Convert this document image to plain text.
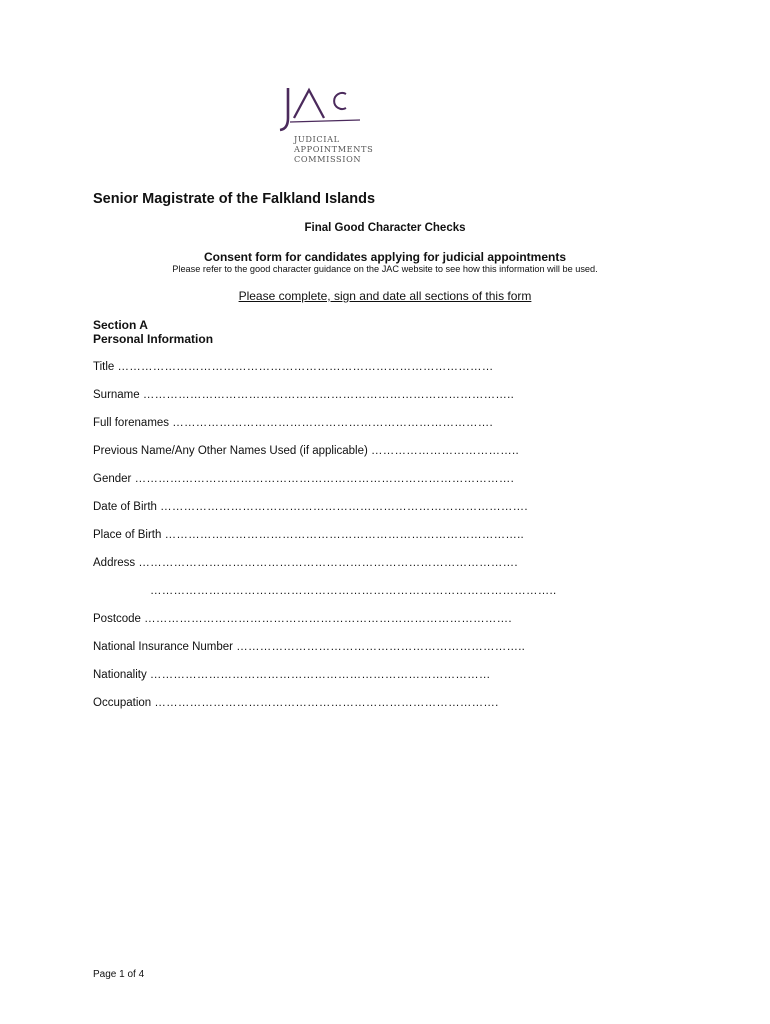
JUDICIAL
APPOINTMENTS
COMMISSION
Senior Magistrate of the Falkland Islands
Final Good Character Checks
Consent form for candidates applying for judicial appointments
Please refer to the good character guidance on the JAC website to see how this information will be used.
Please complete, sign and date all sections of this form
Section A
Personal Information
Title ……………………………………………………………………………………
Surname …………………………………………………………………………………..
Full forenames ……………………………………………………………………….
Previous Name/Any Other Names Used (if applicable) ………………………………..
Gender …………………………………………………………………………………….
Date of Birth ………………………………………………………………………………….
Place of Birth ………………………………………………………………………………..
Address …………………………………………………………………………………….
…………………………………………………………………………………………..
Postcode ………………………………………………………………………………….
National Insurance Number ………………………………………………………………..
Nationality ……………………………………………………………………………
Occupation …………………………………………………………………………….
Page 1 of 4
